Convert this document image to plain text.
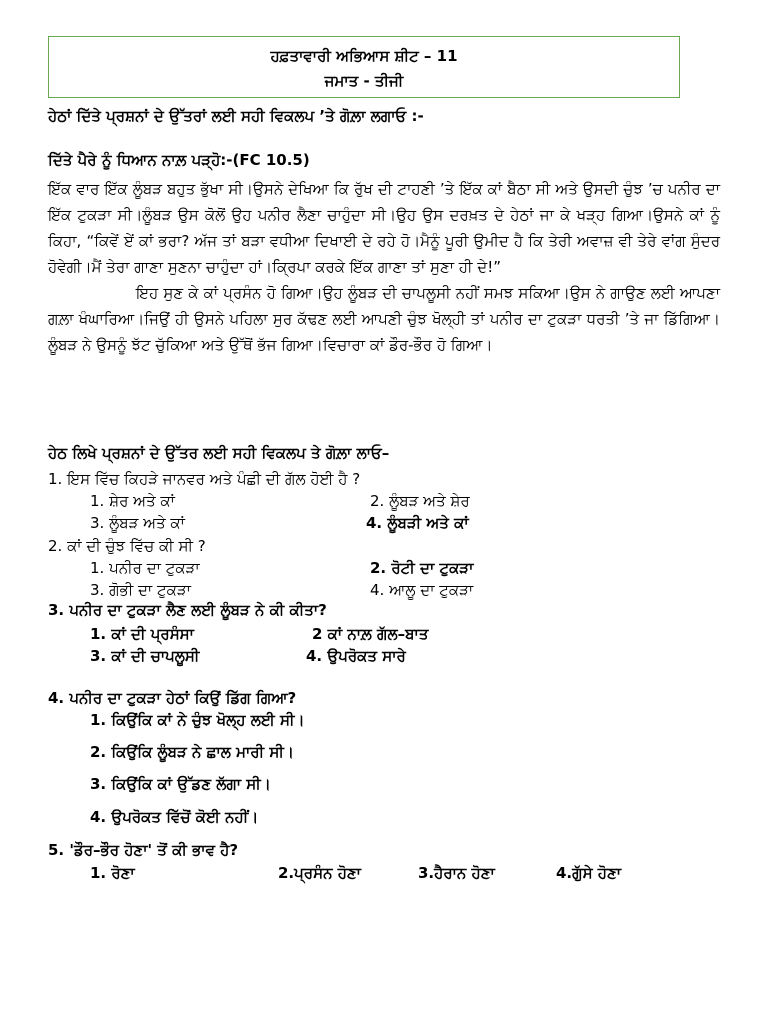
ਹਫ਼ਤਾਵਾਰੀ ਅਭਿਆਸ ਸ਼ੀਟ – 11
ਜਮਾਤ - ਤੀਜੀ
ਹੇਠਾਂ ਦਿੱਤੇ ਪ੍ਰਸ਼ਨਾਂ ਦੇ ਉੱਤਰਾਂ ਲਈ ਸਹੀ ਵਿਕਲਪ ’ਤੇ ਗੋਲ਼ਾ ਲਗਾਓ :-
ਦਿੱਤੇ ਪੈਰੇ ਨੂੰ ਧਿਆਨ ਨਾਲ਼ ਪੜ੍ਹੋ:-(FC 10.5)

ਇੱਕ ਵਾਰ ਇੱਕ ਲੂੰਬੜ ਬਹੁਤ ਭੁੱਖਾ ਸੀ।ਉਸਨੇ ਦੇਖਿਆ ਕਿ ਰੁੱਖ ਦੀ ਟਾਹਣੀ ’ਤੇ ਇੱਕ ਕਾਂ ਬੈਠਾ ਸੀ ਅਤੇ ਉਸਦੀ ਚੁੰਝ ’ਚ ਪਨੀਰ ਦਾ ਇੱਕ ਟੁਕੜਾ ਸੀ।ਲੂੰਬੜ ਉਸ ਕੋਲੋਂ ਉਹ ਪਨੀਰ ਲੈਣਾ ਚਾਹੁੰਦਾ ਸੀ।ਉਹ ਉਸ ਦਰਖ਼ਤ ਦੇ ਹੇਠਾਂ ਜਾ ਕੇ ਖੜ੍ਹ ਗਿਆ।ਉਸਨੇ ਕਾਂ ਨੂੰ ਕਿਹਾ, “ਕਿਵੇਂ ਏਂ ਕਾਂ ਭਰਾ? ਅੱਜ ਤਾਂ ਬੜਾ ਵਧੀਆ ਦਿਖਾਈ ਦੇ ਰਹੇ ਹੋ।ਮੈਨੂੰ ਪੂਰੀ ਉਮੀਦ ਹੈ ਕਿ ਤੇਰੀ ਅਵਾਜ਼ ਵੀ ਤੇਰੇ ਵਾਂਗ ਸੁੰਦਰ ਹੋਵੇਗੀ।ਮੈਂ ਤੇਰਾ ਗਾਣਾ ਸੁਣਨਾ ਚਾਹੁੰਦਾ ਹਾਂ।ਕ੍ਰਿਪਾ ਕਰਕੇ ਇੱਕ ਗਾਣਾ ਤਾਂ ਸੁਣਾ ਹੀ ਦੇ!”

ਇਹ ਸੁਣ ਕੇ ਕਾਂ ਪ੍ਰਸੰਨ ਹੋ ਗਿਆ।ਉਹ ਲੂੰਬੜ ਦੀ ਚਾਪਲੂਸੀ ਨਹੀਂ ਸਮਝ ਸਕਿਆ।ਉਸ ਨੇ ਗਾਉਣ ਲਈ ਆਪਣਾ ਗਲ਼ਾ ਖੰਘਾਰਿਆ।ਜਿਉਂ ਹੀ ਉਸਨੇ ਪਹਿਲਾ ਸੁਰ ਕੱਢਣ ਲਈ ਆਪਣੀ ਚੁੰਝ ਖੋਲ੍ਹੀ ਤਾਂ ਪਨੀਰ ਦਾ ਟੁਕੜਾ ਧਰਤੀ ’ਤੇ ਜਾ ਡਿੱਗਿਆ।ਲੂੰਬੜ ਨੇ ਉਸਨੂੰ ਝੱਟ ਚੁੱਕਿਆ ਅਤੇ ਉੱਥੋਂ ਭੱਜ ਗਿਆ।ਵਿਚਾਰਾ ਕਾਂ ਡੌਰ-ਭੌਰ ਹੋ ਗਿਆ।

ਹੇਠ ਲਿਖੇ ਪ੍ਰਸ਼ਨਾਂ ਦੇ ਉੱਤਰ ਲਈ ਸਹੀ ਵਿਕਲਪ ਤੇ ਗੋਲ਼ਾ ਲਾਓ–
1. ਇਸ ਵਿੱਚ ਕਿਹੜੇ ਜਾਨਵਰ ਅਤੇ ਪੰਛੀ ਦੀ ਗੱਲ ਹੋਈ ਹੈ ?
1. ਸ਼ੇਰ ਅਤੇ ਕਾਂ	2. ਲੂੰਬੜ ਅਤੇ ਸ਼ੇਰ
3. ਲੂੰਬੜ ਅਤੇ ਕਾਂ	4. ਲੂੰਬੜੀ ਅਤੇ ਕਾਂ
2. ਕਾਂ ਦੀ ਚੁੰਝ ਵਿੱਚ ਕੀ ਸੀ ?
1. ਪਨੀਰ ਦਾ ਟੁਕੜਾ	2. ਰੋਟੀ ਦਾ ਟੁਕੜਾ
3. ਗੋਭੀ ਦਾ ਟੁਕੜਾ	4. ਆਲੂ ਦਾ ਟੁਕੜਾ
3. ਪਨੀਰ ਦਾ ਟੁਕੜਾ ਲੈਣ ਲਈ ਲੂੰਬੜ ਨੇ ਕੀ ਕੀਤਾ?
1. ਕਾਂ ਦੀ ਪ੍ਰਸੰਸਾ	2 ਕਾਂ ਨਾਲ਼ ਗੱਲ–ਬਾਤ
3. ਕਾਂ ਦੀ ਚਾਪਲੂਸੀ	4. ਉਪਰੋਕਤ ਸਾਰੇ
4. ਪਨੀਰ ਦਾ ਟੁਕੜਾ ਹੇਠਾਂ ਕਿਉਂ ਡਿੱਗ ਗਿਆ?
1. ਕਿਉਂਕਿ ਕਾਂ ਨੇ ਚੁੰਝ ਖੋਲ੍ਹ ਲਈ ਸੀ।
2. ਕਿਉਂਕਿ ਲੂੰਬੜ ਨੇ ਛਾਲ ਮਾਰੀ ਸੀ।
3. ਕਿਉਂਕਿ ਕਾਂ ਉੱਡਣ ਲੱਗਾ ਸੀ।
4. ਉਪਰੋਕਤ ਵਿੱਚੋਂ ਕੋਈ ਨਹੀਂ।
5. 'ਡੌਰ–ਭੌਰ ਹੋਣਾ' ਤੋਂ ਕੀ ਭਾਵ ਹੈ?
1. ਰੋਣਾ	2.ਪ੍ਰਸੰਨ ਹੋਣਾ	3.ਹੈਰਾਨ ਹੋਣਾ	4.ਗੁੱਸੇ ਹੋਣਾ
